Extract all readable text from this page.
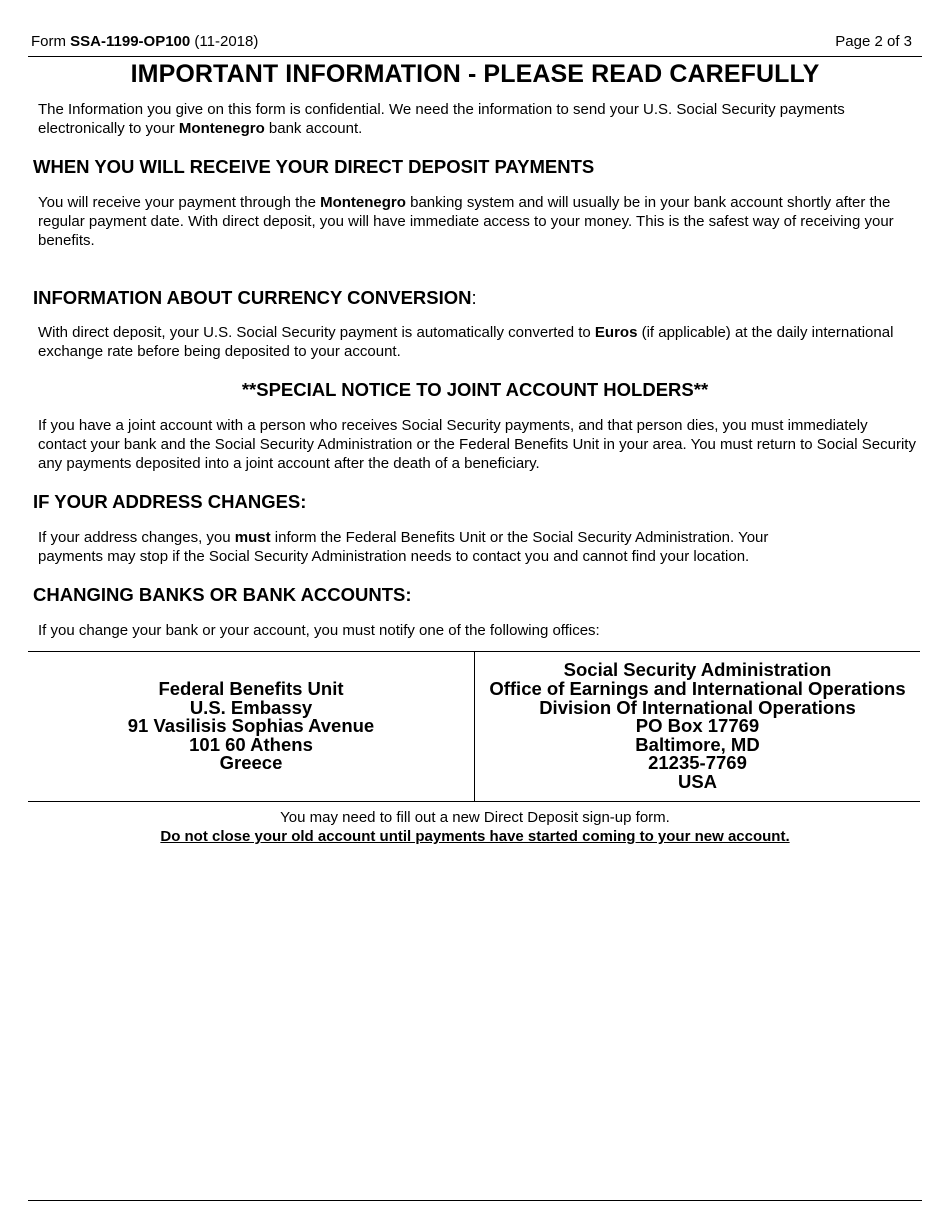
Form SSA-1199-OP100 (11-2018)	Page 2 of 3
IMPORTANT INFORMATION - PLEASE READ CAREFULLY
The Information you give on this form is confidential. We need the information to send your U.S. Social Security payments electronically to your Montenegro bank account.
WHEN YOU WILL RECEIVE YOUR DIRECT DEPOSIT PAYMENTS
You will receive your payment through the Montenegro banking system and will usually be in your bank account shortly after the regular payment date. With direct deposit, you will have immediate access to your money. This is the safest way of receiving your benefits.
INFORMATION ABOUT CURRENCY CONVERSION:
With direct deposit, your U.S. Social Security payment is automatically converted to Euros (if applicable) at the daily international exchange rate before being deposited to your account.
**SPECIAL NOTICE TO JOINT ACCOUNT HOLDERS**
If you have a joint account with a person who receives Social Security payments, and that person dies, you must immediately contact your bank and the Social Security Administration or the Federal Benefits Unit in your area. You must return to Social Security any payments deposited into a joint account after the death of a beneficiary.
IF YOUR ADDRESS CHANGES:
If your address changes, you must inform the Federal Benefits Unit or the Social Security Administration. Your payments may stop if the Social Security Administration needs to contact you and cannot find your location.
CHANGING BANKS OR BANK ACCOUNTS:
If you change your bank or your account, you must notify one of the following offices:
Federal Benefits Unit
U.S. Embassy
91 Vasilisis Sophias Avenue
101 60 Athens
Greece
Social Security Administration
Office of Earnings and International Operations
Division Of International Operations
PO Box 17769
Baltimore, MD
21235-7769
USA
You may need to fill out a new Direct Deposit sign-up form.
Do not close your old account until payments have started coming to your new account.
